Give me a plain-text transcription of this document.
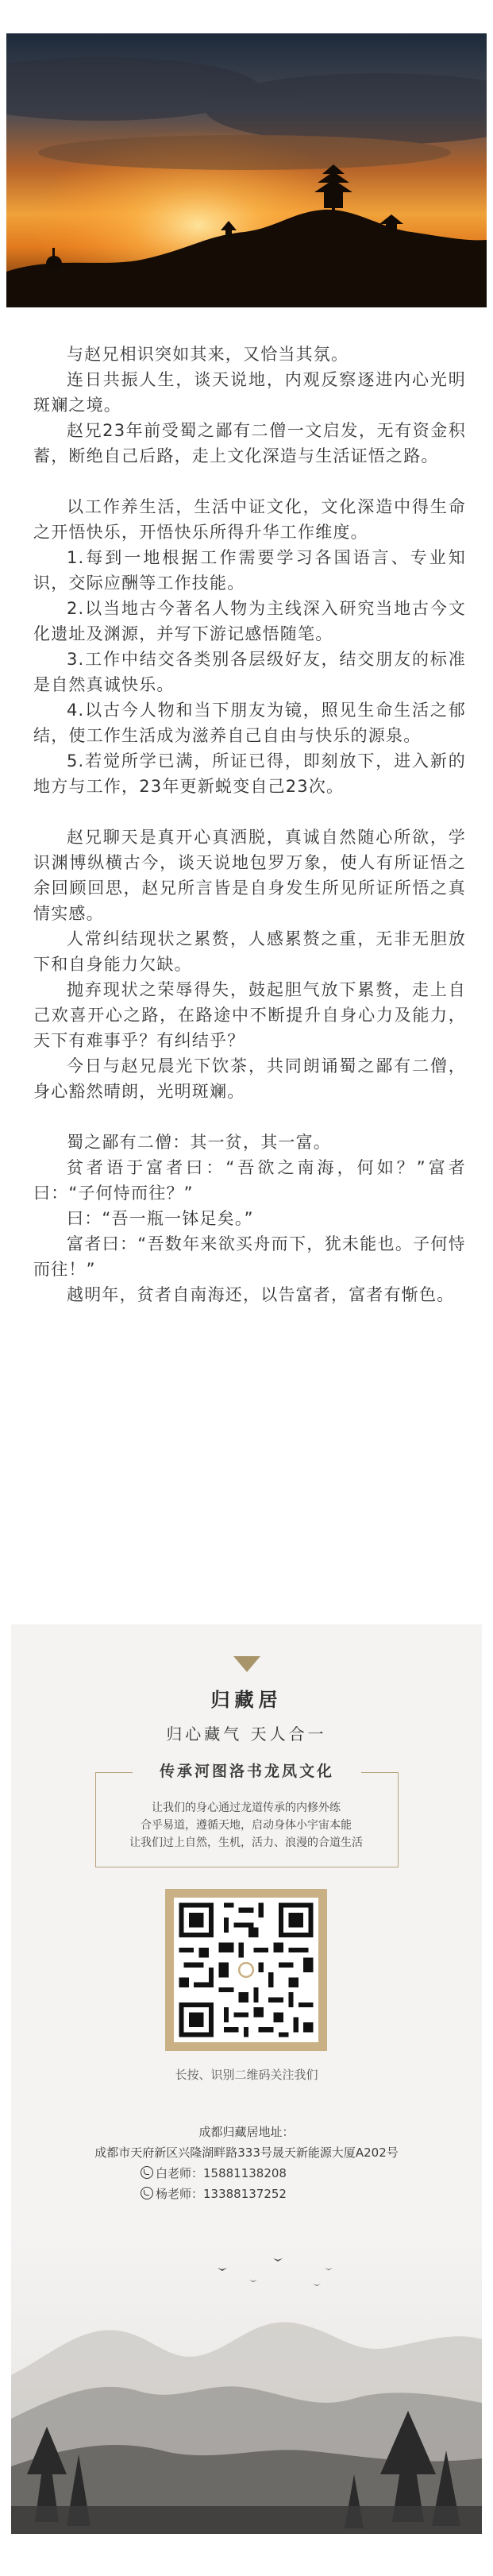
与赵兄相识突如其来，又恰当其氛。

连日共振人生，谈天说地，内观反察逐进内心光明斑斓之境。

赵兄23年前受蜀之鄙有二僧一文启发，无有资金积蓄，断绝自己后路，走上文化深造与生活证悟之路。

以工作养生活，生活中证文化，文化深造中得生命之开悟快乐，开悟快乐所得升华工作维度。

1.每到一地根据工作需要学习各国语言、专业知识，交际应酬等工作技能。

2.以当地古今著名人物为主线深入研究当地古今文化遗址及渊源，并写下游记感悟随笔。

3.工作中结交各类别各层级好友，结交朋友的标准是自然真诚快乐。

4.以古今人物和当下朋友为镜，照见生命生活之郁结，使工作生活成为滋养自己自由与快乐的源泉。

5.若觉所学已满，所证已得，即刻放下，进入新的地方与工作，23年更新蜕变自己23次。

赵兄聊天是真开心真洒脱，真诚自然随心所欲，学识渊博纵横古今，谈天说地包罗万象，使人有所证悟之余回顾回思，赵兄所言皆是自身发生所见所证所悟之真情实感。

人常纠结现状之累赘，人感累赘之重，无非无胆放下和自身能力欠缺。

抛弃现状之荣辱得失，鼓起胆气放下累赘，走上自己欢喜开心之路，在路途中不断提升自身心力及能力，天下有难事乎？有纠结乎？

今日与赵兄晨光下饮茶，共同朗诵蜀之鄙有二僧，身心豁然晴朗，光明斑斓。

蜀之鄙有二僧：其一贫，其一富。

贫者语于富者曰：“吾欲之南海，何如？”富者曰：“子何恃而往？”

曰：“吾一瓶一钵足矣。”

富者曰：“吾数年来欲买舟而下，犹未能也。子何恃而往！”

越明年，贫者自南海还，以告富者，富者有惭色。

归藏居
归心藏气 天人合一
传承河图洛书龙凤文化
让我们的身心通过龙道传承的内修外练
合乎易道，遵循天地，启动身体小宇宙本能
让我们过上自然，生机，活力、浪漫的合道生活
长按、识别二维码关注我们
成都归藏居地址：
成都市天府新区兴隆湖畔路333号晟天新能源大厦A202号
白老师：15881138208
杨老师：13388137252
